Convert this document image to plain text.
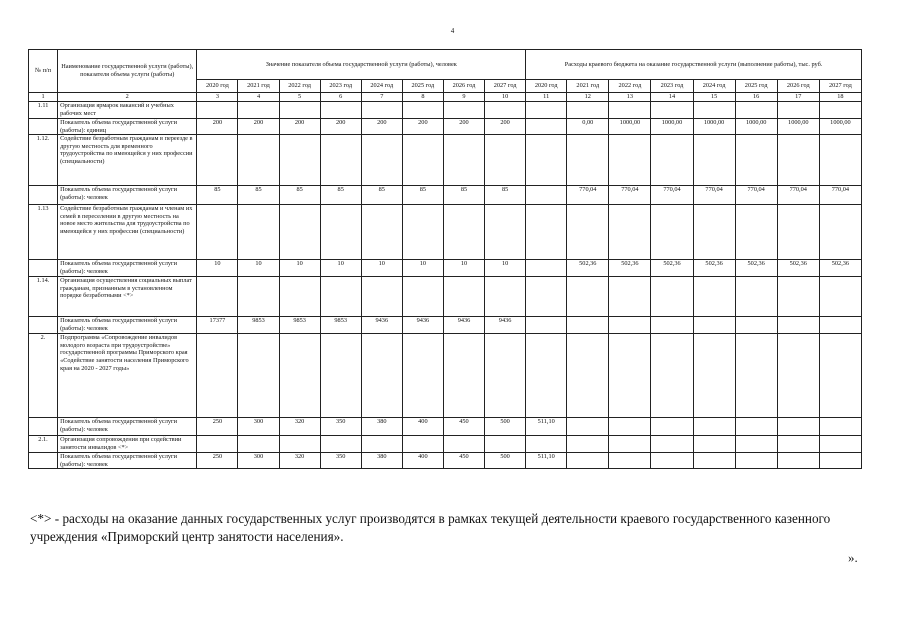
4
№ п/п	Наименование государственной услуги (работы), показателя объема услуги (работы)	Значение показателя объема государственной услуги (работы), человек								Расходы краевого бюджета на оказание государственной услуги (выполнение работы), тыс. руб.							
		2020 год	2021 год	2022 год	2023 год	2024 год	2025 год	2026 год	2027 год	2020 год	2021 год	2022 год	2023 год	2024 год	2025 год	2026 год	2027 год
1	2	3	4	5	6	7	8	9	10	11	12	13	14	15	16	17	18
1.11	Организация ярмарок вакансий и учебных рабочих мест																
	Показатель объема государственной услуги (работы): единиц	200	200	200	200	200	200	200	200		0,00	1000,00	1000,00	1000,00	1000,00	1000,00	1000,00
1.12.	Содействие безработным гражданам в переезде в другую местность для временного трудоустройства по имеющейся у них профессии (специальности)																
	Показатель объема государственной услуги (работы): человек	85	85	85	85	85	85	85	85		770,04	770,04	770,04	770,04	770,04	770,04	770,04
1.13	Содействие безработным гражданам и членам их семей в переселении в другую местность на новое место жительства для трудоустройства по имеющейся у них профессии (специальности)																
	Показатель объема государственной услуги (работы): человек	10	10	10	10	10	10	10	10		502,36	502,36	502,36	502,36	502,36	502,36	502,36
1.14.	Организация осуществления социальных выплат гражданам, признанным в установленном порядке безработными <*>																
	Показатель объема государственной услуги (работы): человек	17377	9853	9853	9853	9436	9436	9436	9436								
2.	Подпрограмма «Сопровождение инвалидов молодого возраста при трудоустройстве» государственной программы Приморского края «Содействие занятости населения Приморского края на 2020 - 2027 годы»																
	Показатель объема государственной услуги (работы): человек	250	300	320	350	380	400	450	500	511,10							
2.1.	Организация сопровождения при содействии занятости инвалидов <*>																
	Показатель объема государственной услуги (работы): человек	250	300	320	350	380	400	450	500	511,10							
<*> - расходы на оказание данных государственных услуг производятся в рамках текущей деятельности краевого государственного казенного учреждения «Приморский центр занятости населения».
».
